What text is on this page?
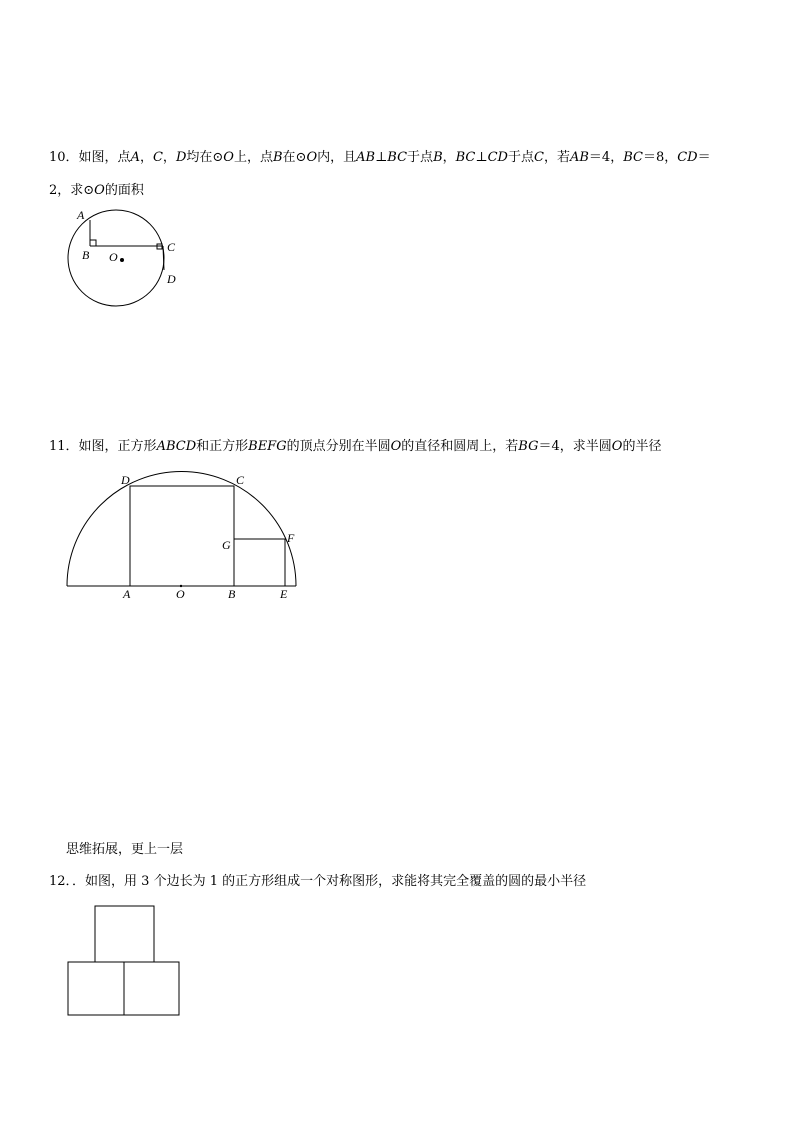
10．如图，点A，C，D均在⊙O上，点B在⊙O内，且AB⊥BC于点B，BC⊥CD于点C，若AB＝4，BC＝8，CD＝
2，求⊙O的面积
A
B
C
D
O
11．如图，正方形ABCD和正方形BEFG的顶点分别在半圆O的直径和圆周上，若BG＝4，求半圆O的半径
D	C
G	F
A	O	B	E
思维拓展，更上一层
12．．如图，用 3 个边长为 1 的正方形组成一个对称图形，求能将其完全覆盖的圆的最小半径
